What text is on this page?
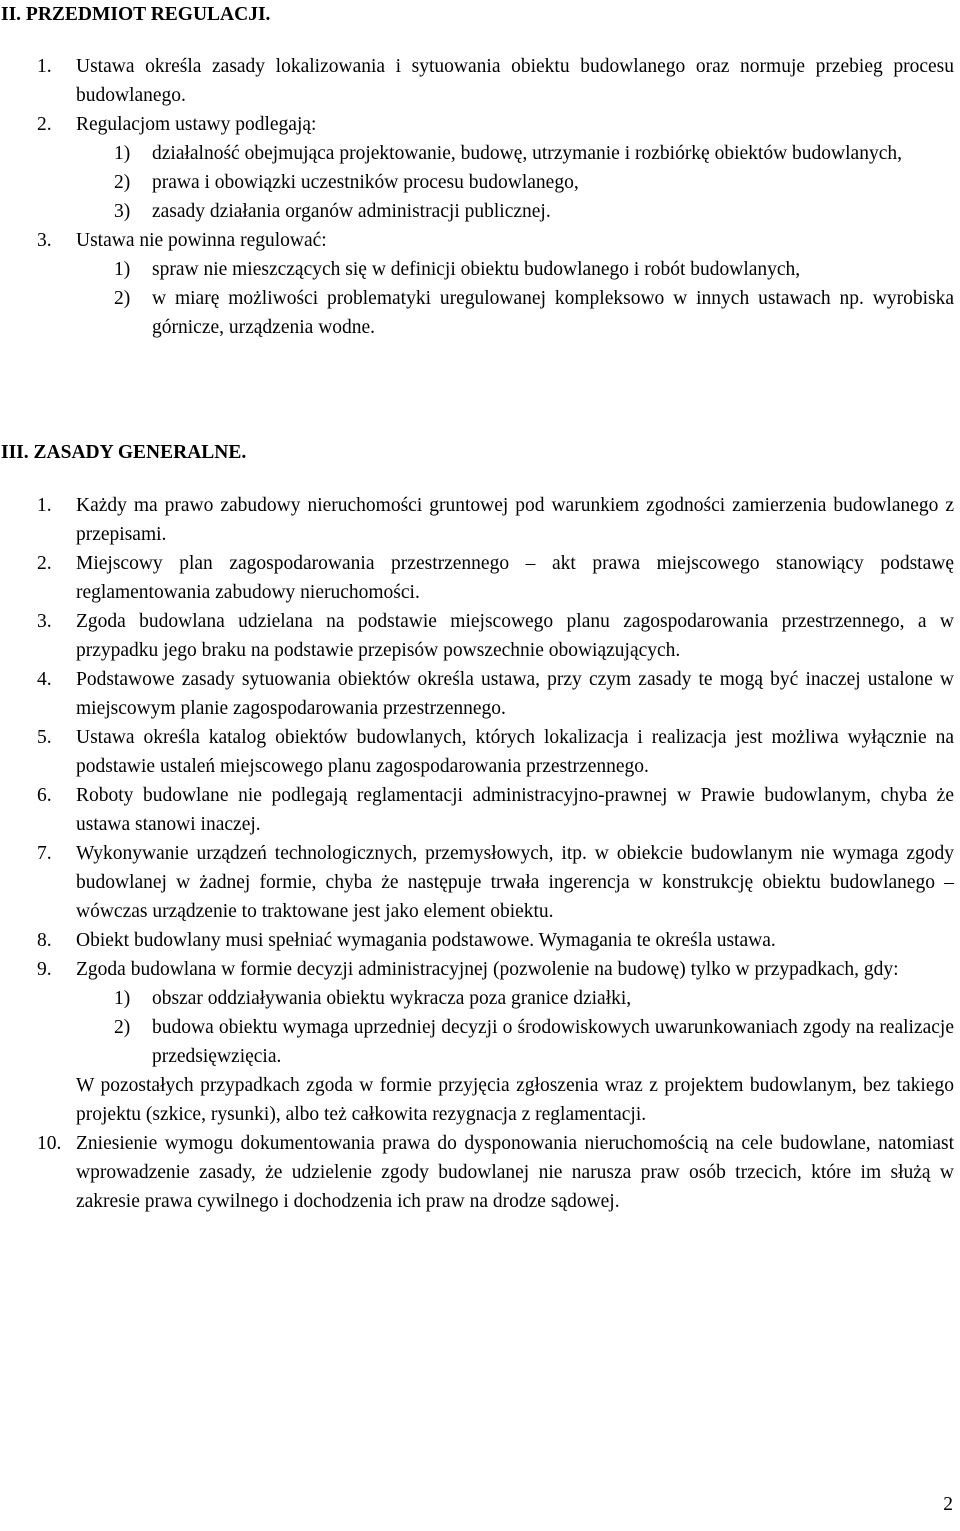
II. PRZEDMIOT REGULACJI.
1. Ustawa określa zasady lokalizowania i sytuowania obiektu budowlanego oraz normuje przebieg procesu budowlanego.
2. Regulacjom ustawy podlegają:
1) działalność obejmująca projektowanie, budowę, utrzymanie i rozbiórkę obiektów budowlanych,
2) prawa i obowiązki uczestników procesu budowlanego,
3) zasady działania organów administracji publicznej.
3. Ustawa nie powinna regulować:
1) spraw nie mieszczących się w definicji obiektu budowlanego i robót budowlanych,
2) w miarę możliwości problematyki uregulowanej kompleksowo w innych ustawach np. wyrobiska górnicze, urządzenia wodne.
III. ZASADY GENERALNE.
1. Każdy ma prawo zabudowy nieruchomości gruntowej pod warunkiem zgodności zamierzenia budowlanego z przepisami.
2. Miejscowy plan zagospodarowania przestrzennego – akt prawa miejscowego stanowiący podstawę reglamentowania zabudowy nieruchomości.
3. Zgoda budowlana udzielana na podstawie miejscowego planu zagospodarowania przestrzennego, a w przypadku jego braku na podstawie przepisów powszechnie obowiązujących.
4. Podstawowe zasady sytuowania obiektów określa ustawa, przy czym zasady te mogą być inaczej ustalone w miejscowym planie zagospodarowania przestrzennego.
5. Ustawa określa katalog obiektów budowlanych, których lokalizacja i realizacja jest możliwa wyłącznie na podstawie ustaleń miejscowego planu zagospodarowania przestrzennego.
6. Roboty budowlane nie podlegają reglamentacji administracyjno-prawnej w Prawie budowlanym, chyba że ustawa stanowi inaczej.
7. Wykonywanie urządzeń technologicznych, przemysłowych, itp. w obiekcie budowlanym nie wymaga zgody budowlanej w żadnej formie, chyba że następuje trwała ingerencja w konstrukcję obiektu budowlanego – wówczas urządzenie to traktowane jest jako element obiektu.
8. Obiekt budowlany musi spełniać wymagania podstawowe. Wymagania te określa ustawa.
9. Zgoda budowlana w formie decyzji administracyjnej (pozwolenie na budowę) tylko w przypadkach, gdy:
1) obszar oddziaływania obiektu wykracza poza granice działki,
2) budowa obiektu wymaga uprzedniej decyzji o środowiskowych uwarunkowaniach zgody na realizacje przedsięwzięcia.

W pozostałych przypadkach zgoda w formie przyjęcia zgłoszenia wraz z projektem budowlanym, bez takiego projektu (szkice, rysunki), albo też całkowita rezygnacja z reglamentacji.

10. Zniesienie wymogu dokumentowania prawa do dysponowania nieruchomością na cele budowlane, natomiast wprowadzenie zasady, że udzielenie zgody budowlanej nie narusza praw osób trzecich, które im służą w zakresie prawa cywilnego i dochodzenia ich praw na drodze sądowej.
2
